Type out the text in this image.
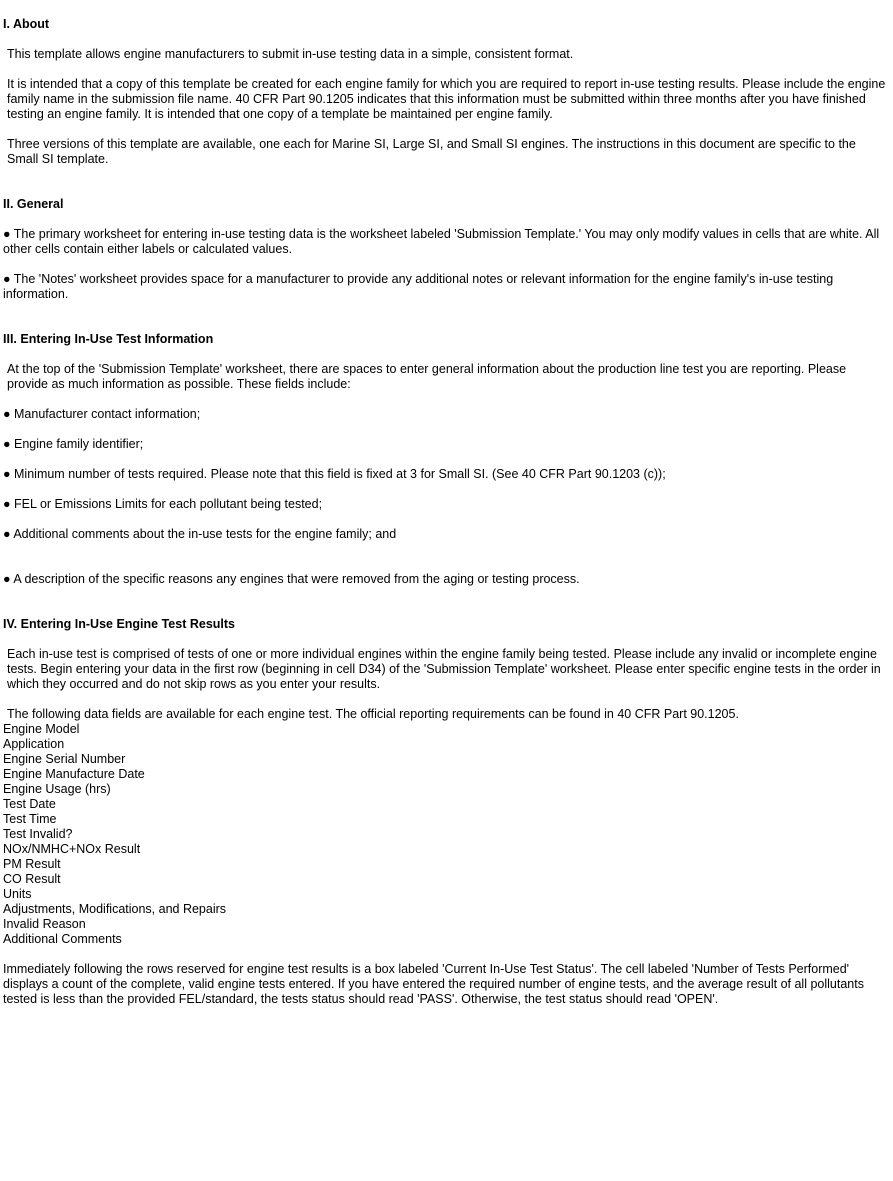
I. About

This template allows engine manufacturers to submit in-use testing data in a simple, consistent format.

It is intended that a copy of this template be created for each engine family for which you are required to report in-use testing results. Please include the engine family name in the submission file name. 40 CFR Part 90.1205 indicates that this information must be submitted within three months after you have finished testing an engine family. It is intended that one copy of a template be maintained per engine family.

Three versions of this template are available, one each for Marine SI, Large SI, and Small SI engines. The instructions in this document are specific to the Small SI template.

II. General

● The primary worksheet for entering in-use testing data is the worksheet labeled 'Submission Template.' You may only modify values in cells that are white. All other cells contain either labels or calculated values.

● The 'Notes' worksheet provides space for a manufacturer to provide any additional notes or relevant information for the engine family's in-use testing information.

III. Entering In-Use Test Information

At the top of the 'Submission Template' worksheet, there are spaces to enter general information about the production line test you are reporting. Please provide as much information as possible. These fields include:

● Manufacturer contact information;

● Engine family identifier;

● Minimum number of tests required. Please note that this field is fixed at 3 for Small SI. (See 40 CFR Part 90.1203 (c));

● FEL or Emissions Limits for each pollutant being tested;

● Additional comments about the in-use tests for the engine family; and

● A description of the specific reasons any engines that were removed from the aging or testing process.

IV. Entering In-Use Engine Test Results

Each in-use test is comprised of tests of one or more individual engines within the engine family being tested. Please include any invalid or incomplete engine tests. Begin entering your data in the first row (beginning in cell D34) of the 'Submission Template' worksheet. Please enter specific engine tests in the order in which they occurred and do not skip rows as you enter your results.

The following data fields are available for each engine test. The official reporting requirements can be found in 40 CFR Part 90.1205.

Engine Model
Application
Engine Serial Number
Engine Manufacture Date
Engine Usage (hrs)
Test Date
Test Time
Test Invalid?
NOx/NMHC+NOx Result
PM Result
CO Result
Units
Adjustments, Modifications, and Repairs
Invalid Reason
Additional Comments

Immediately following the rows reserved for engine test results is a box labeled 'Current In-Use Test Status'. The cell labeled 'Number of Tests Performed' displays a count of the complete, valid engine tests entered. If you have entered the required number of engine tests, and the average result of all pollutants tested is less than the provided FEL/standard, the tests status should read 'PASS'. Otherwise, the test status should read 'OPEN'.
